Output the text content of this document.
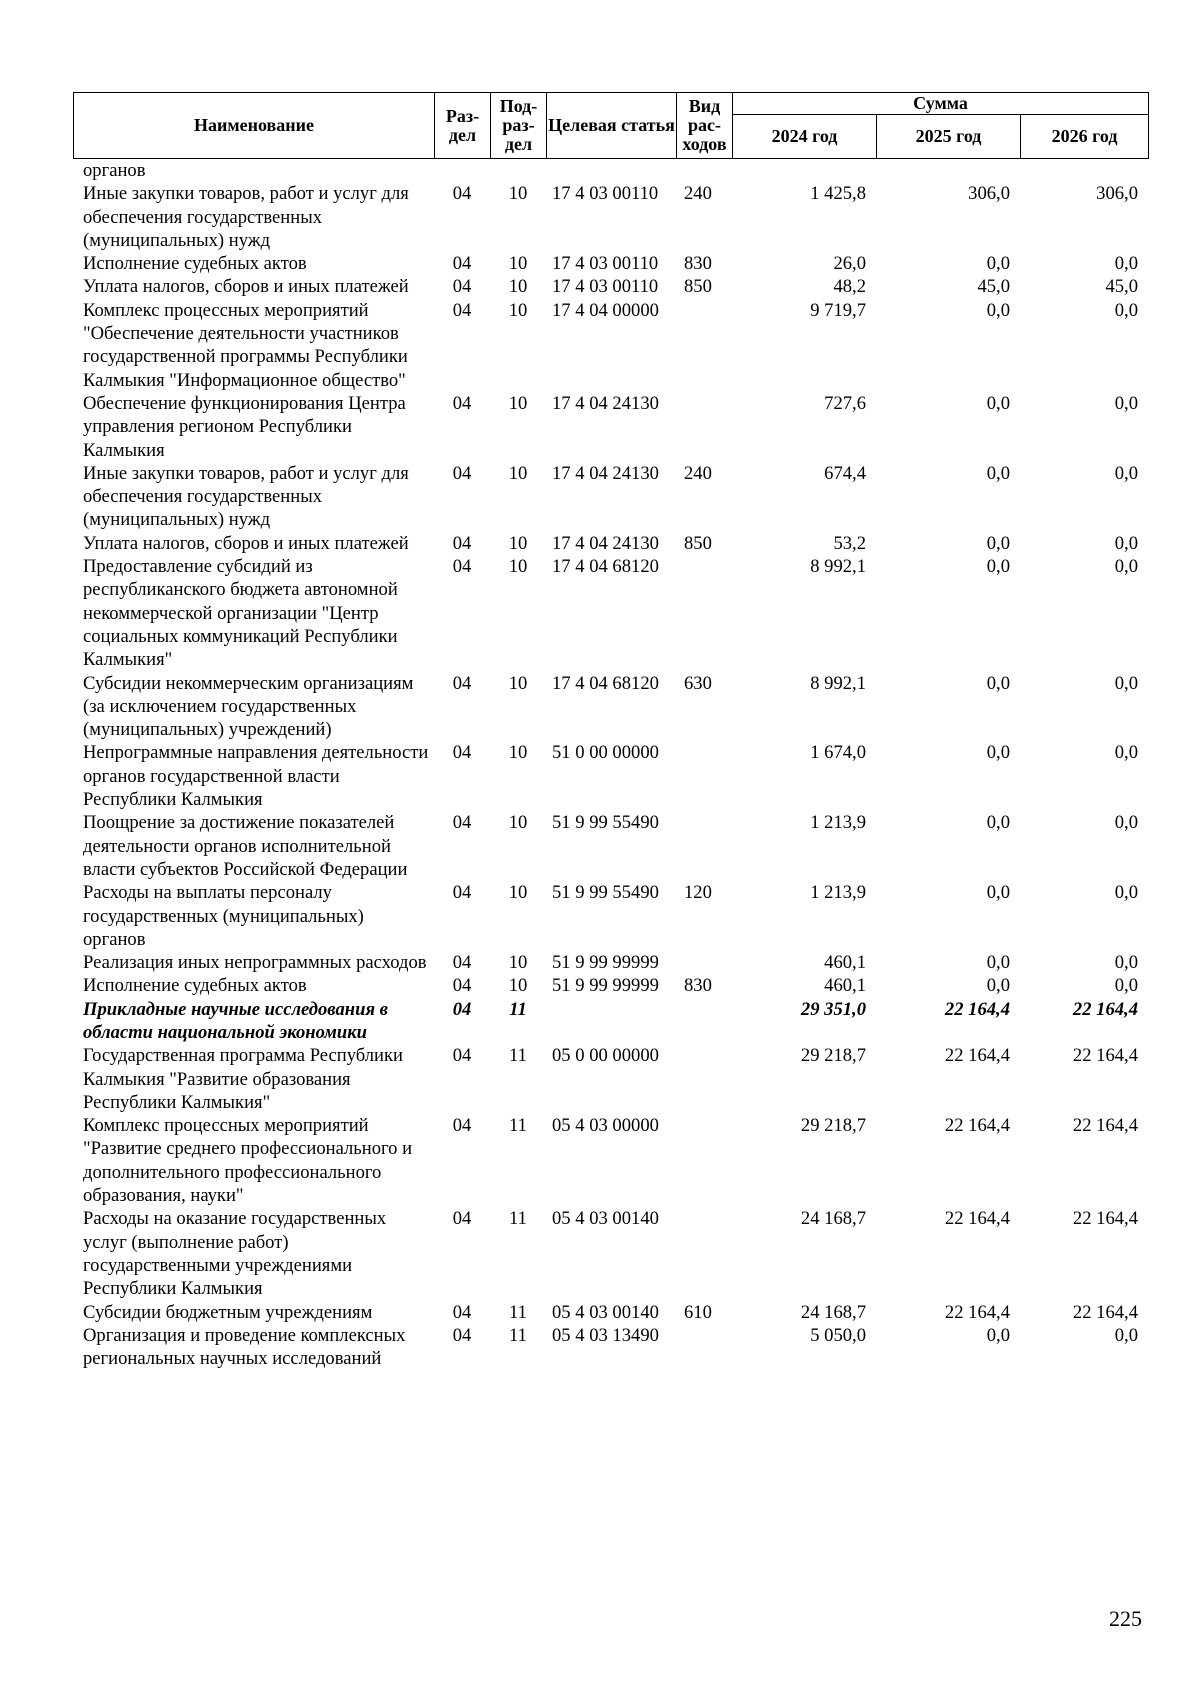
Наименование	Раз-дел	Под-раз-дел	Целевая статья	Вид рас-ходов	Сумма		
					2024 год	2025 год	2026 год
органов							
Иные закупки товаров, работ и услуг для обеспечения государственных (муниципальных) нужд	04	10	17 4 03 00110	240	1 425,8	306,0	306,0
Исполнение судебных актов	04	10	17 4 03 00110	830	26,0	0,0	0,0
Уплата налогов, сборов и иных платежей	04	10	17 4 03 00110	850	48,2	45,0	45,0
Комплекс процессных мероприятий "Обеспечение деятельности участников государственной программы Республики Калмыкия "Информационное общество"	04	10	17 4 04 00000		9 719,7	0,0	0,0
Обеспечение функционирования Центра управления регионом Республики Калмыкия	04	10	17 4 04 24130		727,6	0,0	0,0
Иные закупки товаров, работ и услуг для обеспечения государственных (муниципальных) нужд	04	10	17 4 04 24130	240	674,4	0,0	0,0
Уплата налогов, сборов и иных платежей	04	10	17 4 04 24130	850	53,2	0,0	0,0
Предоставление субсидий из республиканского бюджета автономной некоммерческой организации "Центр социальных коммуникаций Республики Калмыкия"	04	10	17 4 04 68120		8 992,1	0,0	0,0
Субсидии некоммерческим организациям (за исключением государственных (муниципальных) учреждений)	04	10	17 4 04 68120	630	8 992,1	0,0	0,0
Непрограммные направления деятельности органов государственной власти Республики Калмыкия	04	10	51 0 00 00000		1 674,0	0,0	0,0
Поощрение за достижение показателей деятельности органов исполнительной власти субъектов Российской Федерации	04	10	51 9 99 55490		1 213,9	0,0	0,0
Расходы на выплаты персоналу государственных (муниципальных) органов	04	10	51 9 99 55490	120	1 213,9	0,0	0,0
Реализация иных непрограммных расходов	04	10	51 9 99 99999		460,1	0,0	0,0
Исполнение судебных актов	04	10	51 9 99 99999	830	460,1	0,0	0,0
Прикладные научные исследования в области национальной экономики	04	11			29 351,0	22 164,4	22 164,4
Государственная программа Республики Калмыкия "Развитие образования Республики Калмыкия"	04	11	05 0 00 00000		29 218,7	22 164,4	22 164,4
Комплекс процессных мероприятий "Развитие среднего профессионального и дополнительного профессионального образования, науки"	04	11	05 4 03 00000		29 218,7	22 164,4	22 164,4
Расходы на оказание государственных услуг (выполнение работ) государственными учреждениями Республики Калмыкия	04	11	05 4 03 00140		24 168,7	22 164,4	22 164,4
Субсидии бюджетным учреждениям	04	11	05 4 03 00140	610	24 168,7	22 164,4	22 164,4
Организация и проведение комплексных региональных научных исследований	04	11	05 4 03 13490		5 050,0	0,0	0,0
225
